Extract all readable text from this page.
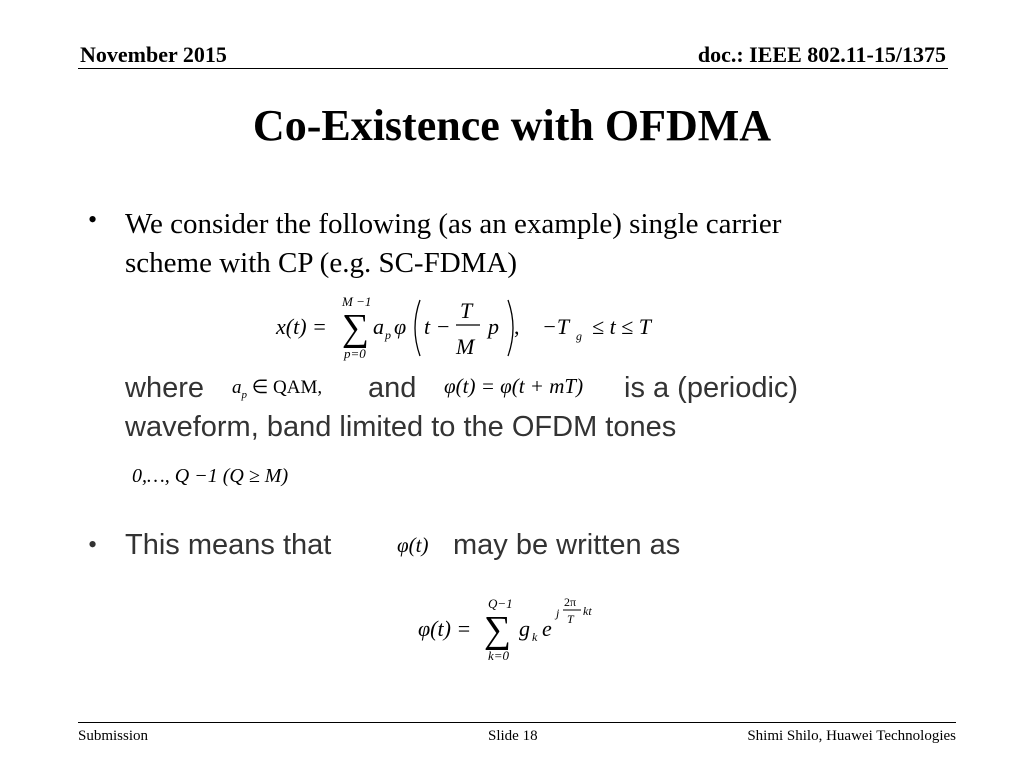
November 2015	doc.: IEEE 802.11-15/1375
Co-Existence with OFDMA
• We consider the following (as an example) single carrier
scheme with CP (e.g. SC-FDMA)
x(t) =
M −1
∑
p=0
a p φ t −
T
M
p , −T g ≤ t ≤ T
where $a_p$ ∈ QAM, and φ(t) = φ(t + mT) is a (periodic)
waveform, band limited to the OFDM tones
0,…, Q −1 (Q ≥ M)
• This means that	φ(t) may be written as
φ(t) =
Q−1
∑
k=0
g k e
j
2π
T
kt
Submission	Slide 18	Shimi Shilo, Huawei Technologies
